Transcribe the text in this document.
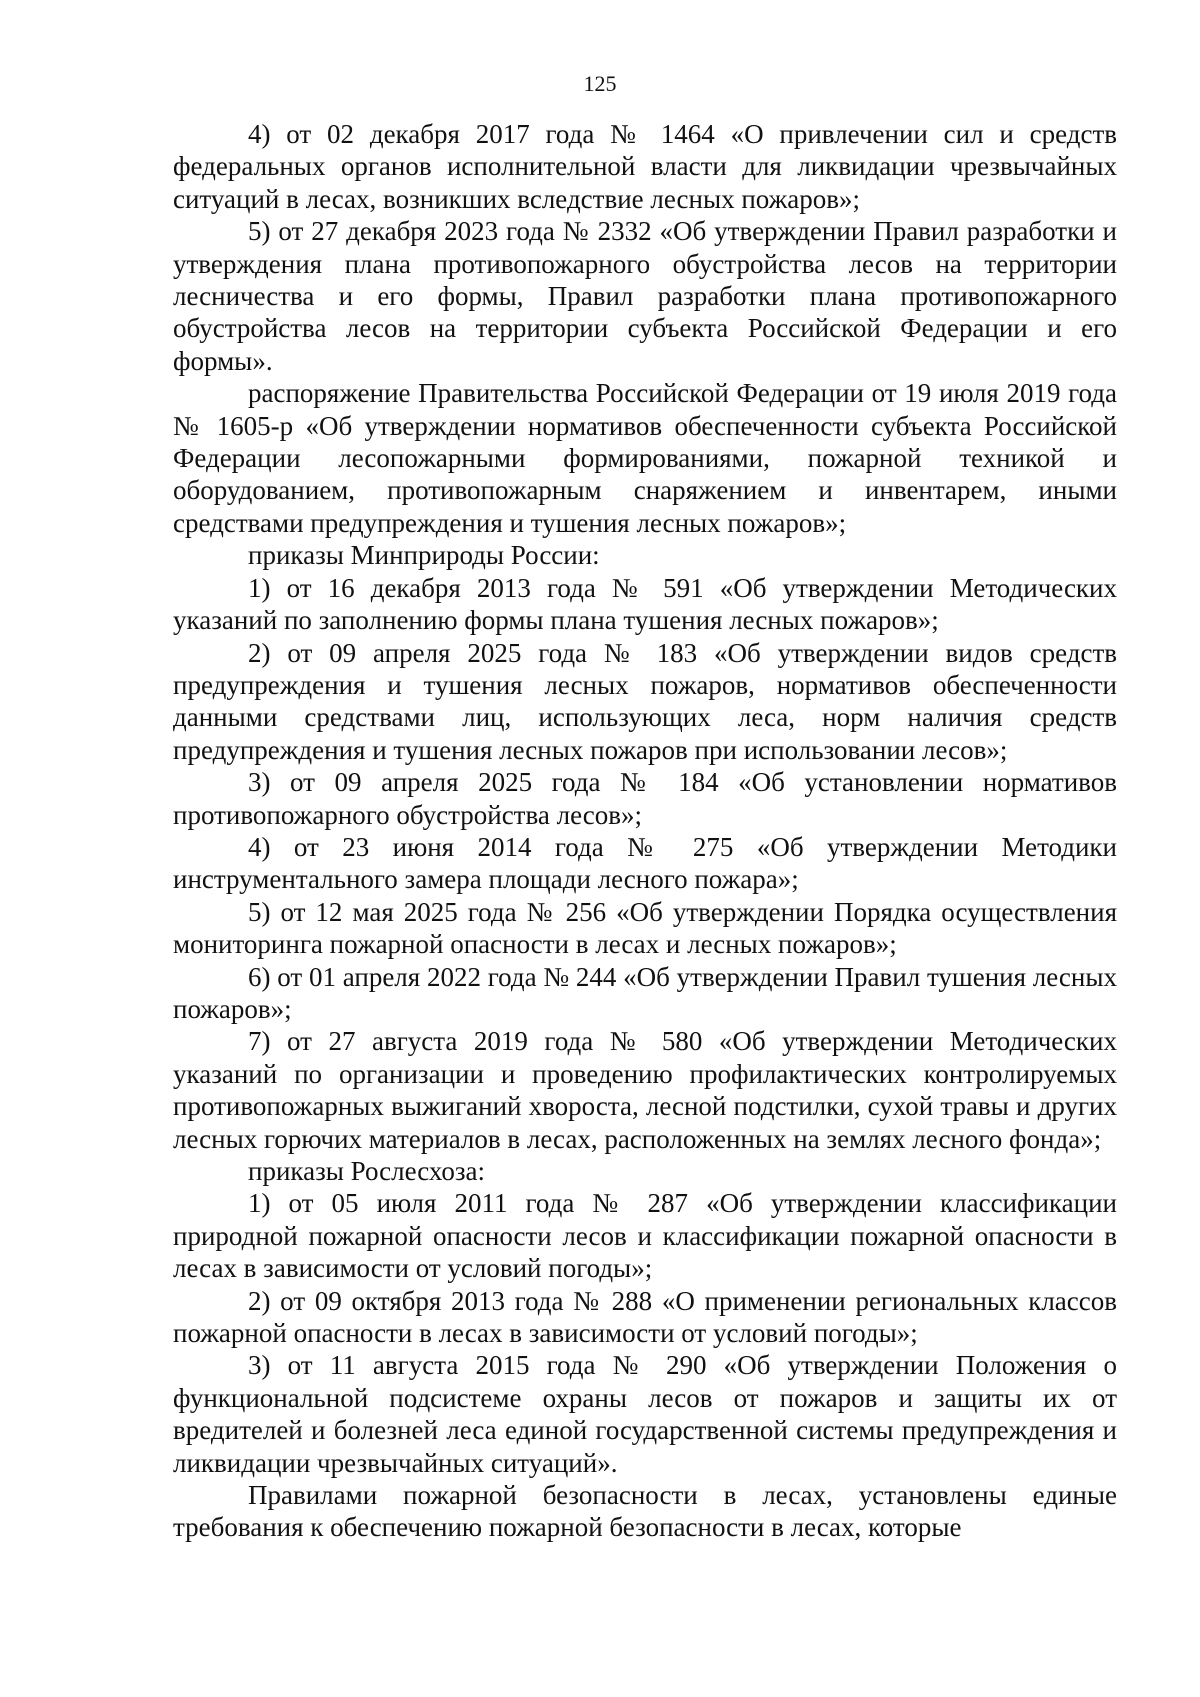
125

4) от 02 декабря 2017 года № 1464 «О привлечении сил и средств федеральных органов исполнительной власти для ликвидации чрезвычайных ситуаций в лесах, возникших вследствие лесных пожаров»;

5) от 27 декабря 2023 года № 2332 «Об утверждении Правил разработки и утверждения плана противопожарного обустройства лесов на территории лесничества и его формы, Правил разработки плана противопожарного обустройства лесов на территории субъекта Российской Федерации и его формы».

распоряжение Правительства Российской Федерации от 19 июля 2019 года № 1605-р «Об утверждении нормативов обеспеченности субъекта Российской Федерации лесопожарными формированиями, пожарной техникой и оборудованием, противопожарным снаряжением и инвентарем, иными средствами предупреждения и тушения лесных пожаров»;

приказы Минприроды России:

1) от 16 декабря 2013 года № 591 «Об утверждении Методических указаний по заполнению формы плана тушения лесных пожаров»;

2) от 09 апреля 2025 года № 183 «Об утверждении видов средств предупреждения и тушения лесных пожаров, нормативов обеспеченности данными средствами лиц, использующих леса, норм наличия средств предупреждения и тушения лесных пожаров при использовании лесов»;

3) от 09 апреля 2025 года № 184 «Об установлении нормативов противопожарного обустройства лесов»;

4) от 23 июня 2014 года № 275 «Об утверждении Методики инструментального замера площади лесного пожара»;

5) от 12 мая 2025 года № 256 «Об утверждении Порядка осуществления мониторинга пожарной опасности в лесах и лесных пожаров»;

6) от 01 апреля 2022 года № 244 «Об утверждении Правил тушения лесных пожаров»;

7) от 27 августа 2019 года № 580 «Об утверждении Методических указаний по организации и проведению профилактических контролируемых противопожарных выжиганий хвороста, лесной подстилки, сухой травы и других лесных горючих материалов в лесах, расположенных на землях лесного фонда»;

приказы Рослесхоза:

1) от 05 июля 2011 года № 287 «Об утверждении классификации природной пожарной опасности лесов и классификации пожарной опасности в лесах в зависимости от условий погоды»;

2) от 09 октября 2013 года № 288 «О применении региональных классов пожарной опасности в лесах в зависимости от условий погоды»;

3) от 11 августа 2015 года № 290 «Об утверждении Положения о функциональной подсистеме охраны лесов от пожаров и защиты их от вредителей и болезней леса единой государственной системы предупреждения и ликвидации чрезвычайных ситуаций».

Правилами пожарной безопасности в лесах, установлены единые требования к обеспечению пожарной безопасности в лесах, которые
